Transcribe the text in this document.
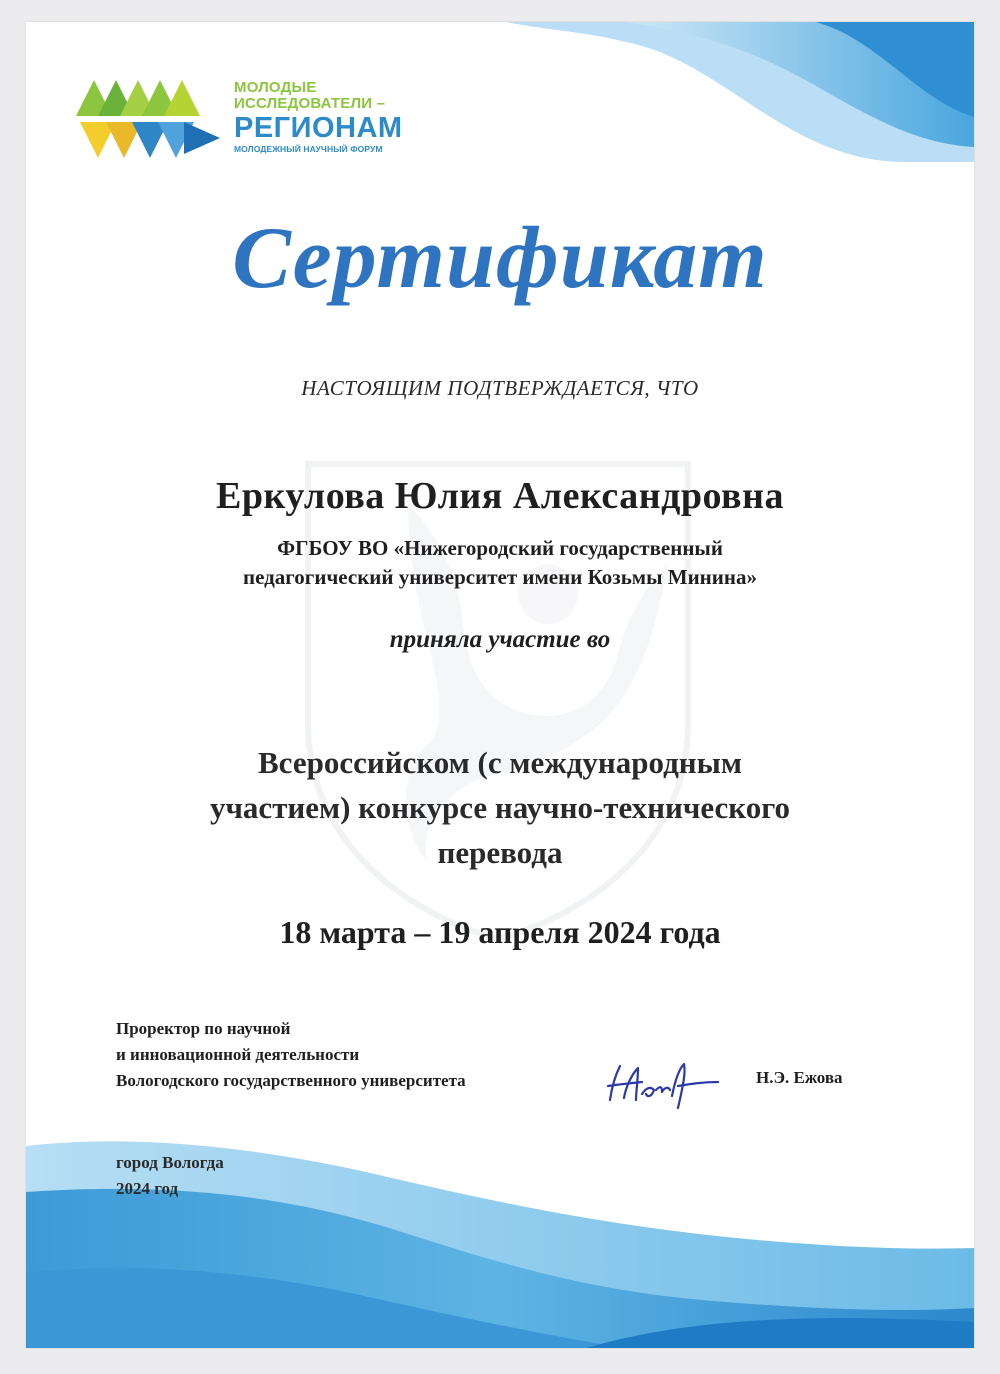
МОЛОДЫЕ
ИССЛЕДОВАТЕЛИ –
РЕГИОНАМ
МОЛОДЕЖНЫЙ НАУЧНЫЙ ФОРУМ
Сертификат
НАСТОЯЩИМ ПОДТВЕРЖДАЕТСЯ, ЧТО
Еркулова Юлия Александровна
ФГБОУ ВО «Нижегородский государственный
педагогический университет имени Козьмы Минина»
приняла участие во
Всероссийском (с международным
участием) конкурсе научно-технического
перевода
18 марта – 19 апреля 2024 года
Проректор по научной
и инновационной деятельности
Вологодского государственного университета	Н.Э. Ежова
город Вологда
2024 год
